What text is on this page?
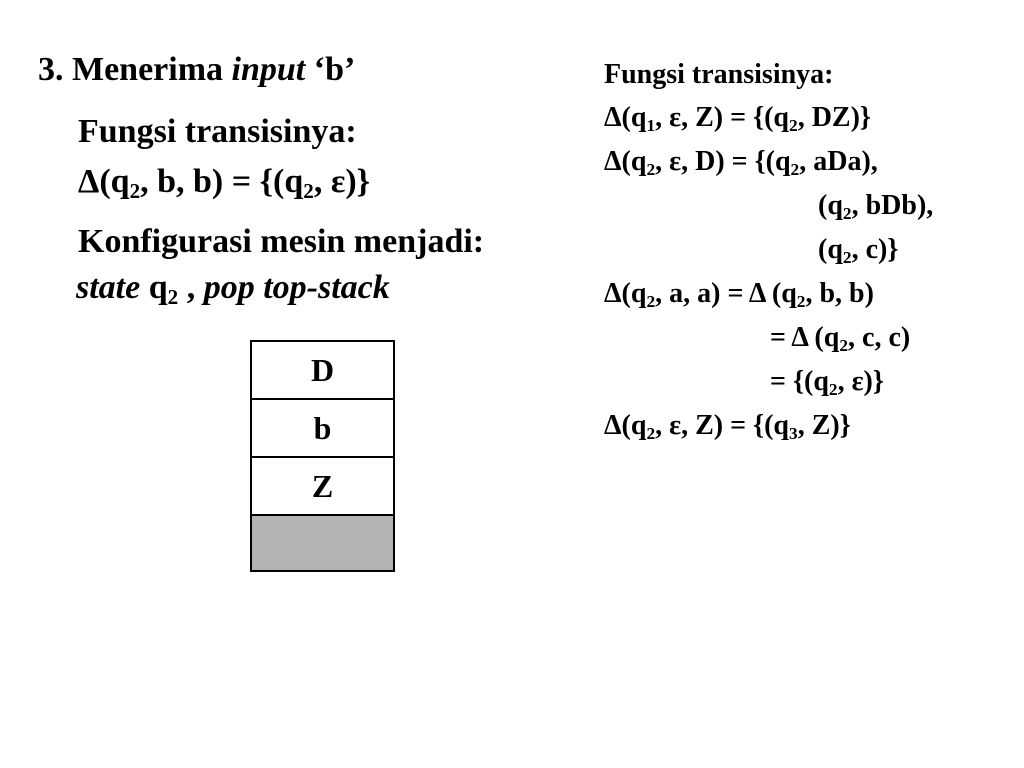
3. Menerima input ‘b’
Fungsi transisinya:
$\Delta(q_2$, b, $b) = \{(q_2$, ε)}
Konfigurasi mesin menjadi:
state $q_2$ , pop top-stack
D
b
Z
Fungsi transisinya:
$\Delta(q_1$, ε, $Z) = \{(q_2$, DZ)}
$\Delta(q_2$, ε, $D) = \{(q_2$, aDa),
($q_2$, bDb),
($q_2$, c)}
$\Delta(q_2$, a, a) = Δ ($q_2$, b, b)
= Δ ($q_2$, c, c)
= {($q_2$, ε)}
$\Delta(q_2$, ε, $Z) = \{(q_3$, Z)}
